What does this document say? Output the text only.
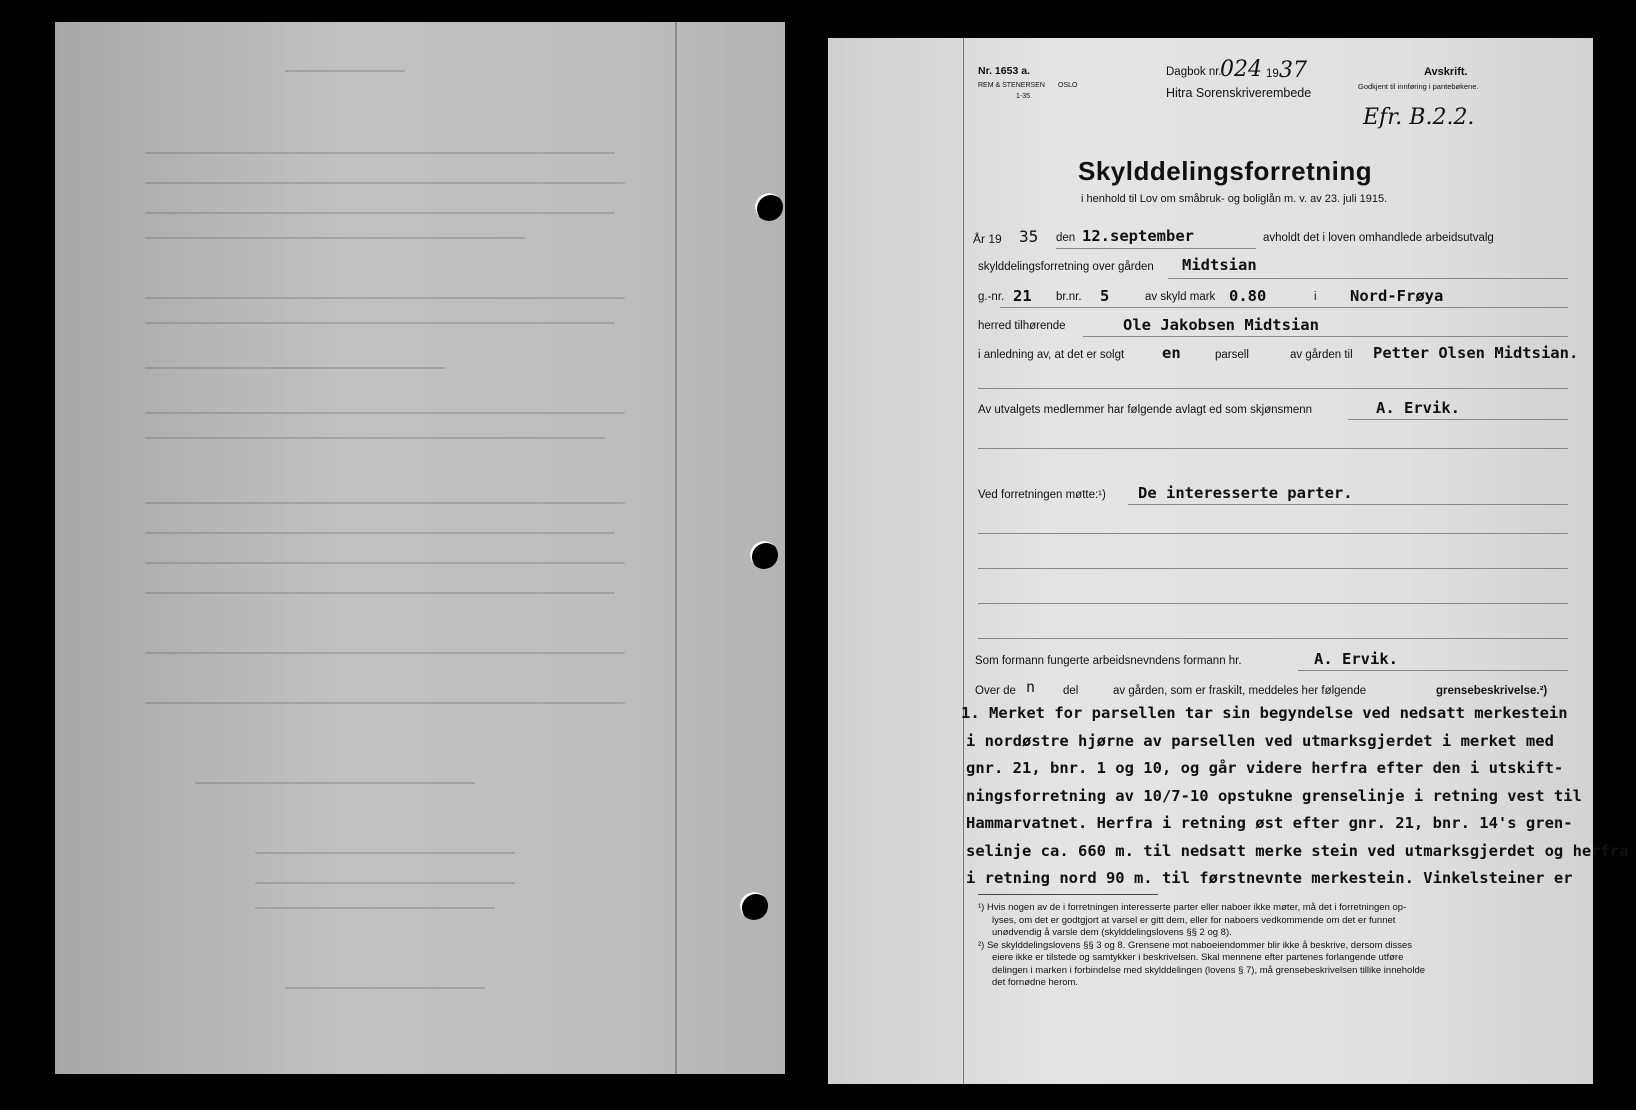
Nr. 1653 a.
REM & STENERSEN OSLO
1-35.
Dagbok nr.
024 19 37
Hitra Sorenskriverembede
Avskrift.
Godkjent til innføring i pantebøkene.
Efr. B.2.2.
Skylddelingsforretning
i henhold til Lov om småbruk- og boliglån m. v. av 23. juli 1915.
År 19 35 den 12.september	avholdt det i loven omhandlede arbeidsutvalg
skylddelingsforretning over gården Midtsian
g.-nr. 21 br.nr. 5	av skyld mark 0.80	i Nord-Frøya
herred tilhørende	Ole Jakobsen Midtsian
i anledning av, at det er solgt en	parsell	av gården til Petter Olsen Midtsian.
Av utvalgets medlemmer har følgende avlagt ed som skjønsmenn	A. Ervik.
Ved forretningen møtte:¹) De interesserte parter.
Som formann fungerte arbeidsnevndens formann hr.	A. Ervik.
Over de n del	av gården, som er fraskilt, meddeles her følgende	grensebeskrivelse.²)
1. Merket for parsellen tar sin begyndelse ved nedsatt merkestein
i nordøstre hjørne av parsellen ved utmarksgjerdet i merket med
gnr. 21, bnr. 1 og 10, og går videre herfra efter den i utskift-
ningsforretning av 10/7-10 opstukne grenselinje i retning vest til
Hammarvatnet. Herfra i retning øst efter gnr. 21, bnr. 14's gren-
selinje ca. 660 m. til nedsatt merke stein ved utmarksgjerdet og herfra
i retning nord 90 m. til førstnevnte merkestein. Vinkelsteiner er
¹) Hvis nogen av de i forretningen interesserte parter eller naboer ikke møter, må det i forretningen op-
lyses, om det er godtgjort at varsel er gitt dem, eller for naboers vedkommende om det er funnet
unødvendig å varsle dem (skylddelingslovens §§ 2 og 8).
²) Se skylddelingslovens §§ 3 og 8. Grensene mot naboeiendommer blir ikke å beskrive, dersom disses
eiere ikke er tilstede og samtykker i beskrivelsen. Skal mennene efter partenes forlangende utføre
delingen i marken i forbindelse med skylddelingen (lovens § 7), må grensebeskrivelsen tillike inneholde
det fornødne herom.
